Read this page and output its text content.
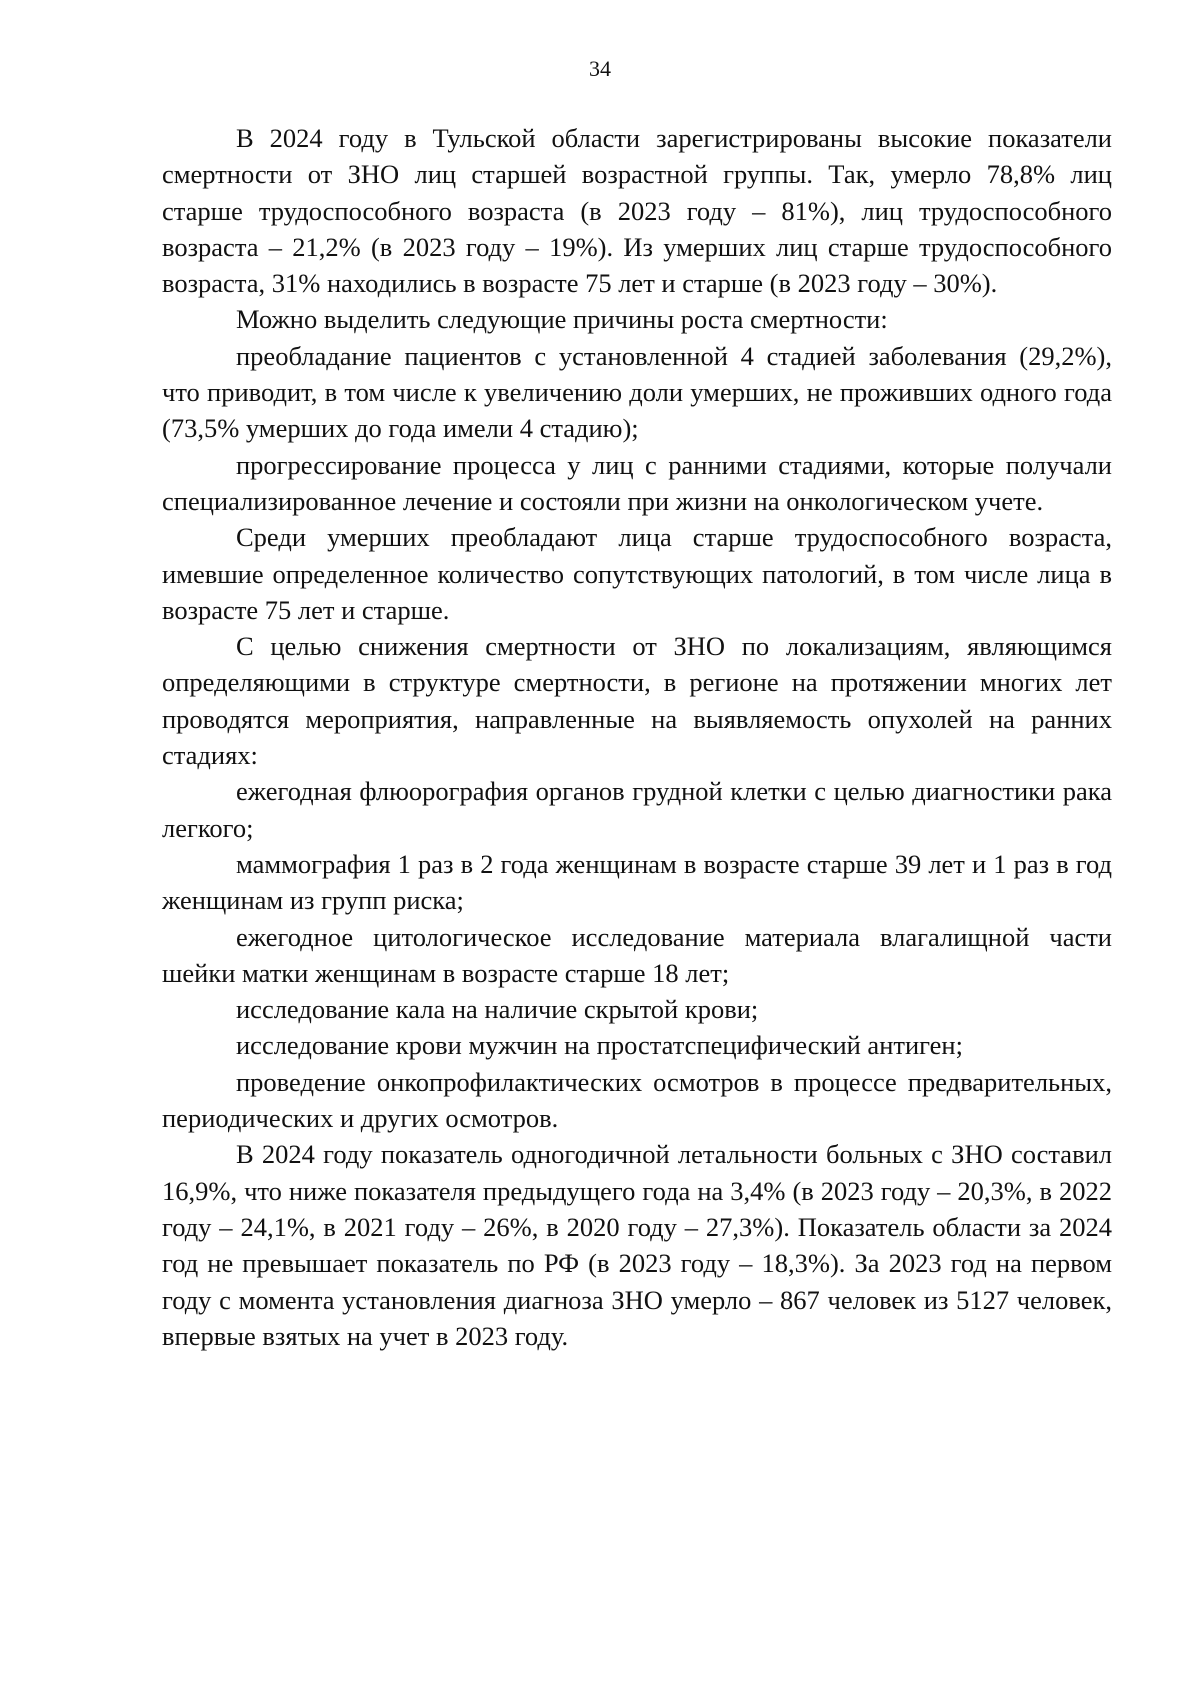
34

В 2024 году в Тульской области зарегистрированы высокие показатели смертности от ЗНО лиц старшей возрастной группы. Так, умерло 78,8% лиц старше трудоспособного возраста (в 2023 году – 81%), лиц трудоспособного возраста – 21,2% (в 2023 году – 19%). Из умерших лиц старше трудоспособного возраста, 31% находились в возрасте 75 лет и старше (в 2023 году – 30%).

Можно выделить следующие причины роста смертности:

преобладание пациентов с установленной 4 стадией заболевания (29,2%), что приводит, в том числе к увеличению доли умерших, не проживших одного года (73,5% умерших до года имели 4 стадию);

прогрессирование процесса у лиц с ранними стадиями, которые получали специализированное лечение и состояли при жизни на онкологическом учете.

Среди умерших преобладают лица старше трудоспособного возраста, имевшие определенное количество сопутствующих патологий, в том числе лица в возрасте 75 лет и старше.

С целью снижения смертности от ЗНО по локализациям, являющимся определяющими в структуре смертности, в регионе на протяжении многих лет проводятся мероприятия, направленные на выявляемость опухолей на ранних стадиях:

ежегодная флюорография органов грудной клетки с целью диагностики рака легкого;

маммография 1 раз в 2 года женщинам в возрасте старше 39 лет и 1 раз в год женщинам из групп риска;

ежегодное цитологическое исследование материала влагалищной части шейки матки женщинам в возрасте старше 18 лет;

исследование кала на наличие скрытой крови;

исследование крови мужчин на простатспецифический антиген;

проведение онкопрофилактических осмотров в процессе предварительных, периодических и других осмотров.

В 2024 году показатель одногодичной летальности больных с ЗНО составил 16,9%, что ниже показателя предыдущего года на 3,4% (в 2023 году – 20,3%, в 2022 году – 24,1%, в 2021 году – 26%, в 2020 году – 27,3%). Показатель области за 2024 год не превышает показатель по РФ (в 2023 году – 18,3%). За 2023 год на первом году с момента установления диагноза ЗНО умерло – 867 человек из 5127 человек, впервые взятых на учет в 2023 году.
